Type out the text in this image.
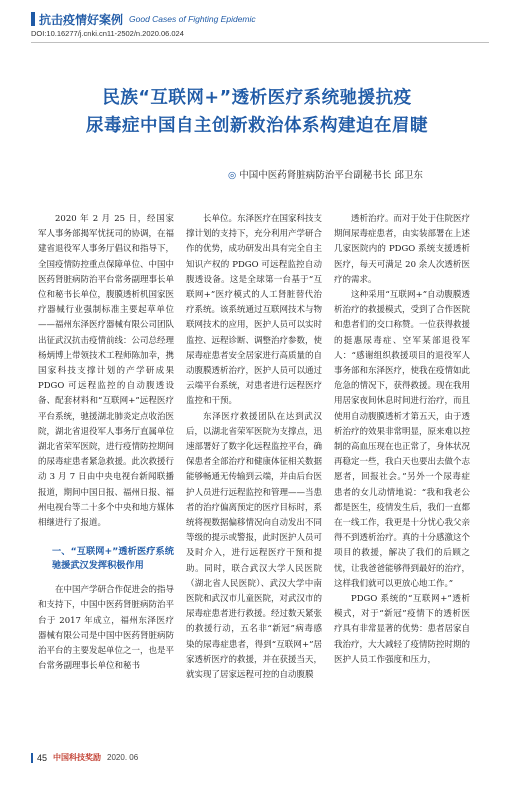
抗击疫情好案例 Good Cases of Fighting Epidemic
DOI:10.16277/j.cnki.cn11-2502/n.2020.06.024
民族“互联网+”透析医疗系统驰援抗疫
尿毒症中国自主创新救治体系构建迫在眉睫
◎ 中国中医药肾脏病防治平台副秘书长 邱卫东

2020 年 2 月 25 日，经国家军人事务部揭军忧抚司的协调，在福建省退役军人事务厅倡议和指导下，全国疫情防控重点保障单位、中国中医药肾脏病防治平台常务副理事长单位和秘书长单位，腹膜透析机国家医疗器械行业强制标准主要起草单位——福州东泽医疗器械有限公司团队出征武汉抗击疫情前线：公司总经理杨炳博上带领技术工程师陈加幸，携国家科技支撑计划的产学研成果 PDGO 可远程监控的自动腹透设备、配套材料和“互联网+”远程医疗平台系统，驰援湖北肺炎定点收治医院，湖北省退役军人事务厅直属单位湖北省荣军医院，进行疫情防控期间的尿毒症患者紧急救援。此次救援行动 3 月 7 日由中央电视台新闻联播报道，期间中国日报、福州日报、福州电视台等二十多个中央和地方媒体相继进行了报道。

一、“互联网+”透析医疗系统驰援武汉发挥积极作用

在中国产学研合作促进会的指导和支持下，中国中医药肾脏病防治平台于 2017 年成立，福州东泽医疗器械有限公司是中国中医药肾脏病防治平台的主要发起单位之一，也是平台常务副理事长单位和秘书

长单位。东泽医疗在国家科技支撑计划的支持下，充分利用产学研合作的优势，成功研发出具有完全自主知识产权的 PDGO 可远程监控自动腹透设备。这是全球第一台基于“互联网+”医疗模式的人工肾脏替代治疗系统。该系统通过互联网技术与物联网技术的应用，医护人员可以实时监控、远程诊断、调整治疗参数，使尿毒症患者安全居家进行高质量的自动腹膜透析治疗，医护人员可以通过云端平台系统，对患者进行远程医疗监控和干预。

东泽医疗救援团队在达到武汉后，以湖北省荣军医院为支撑点，迅速部署好了数字化远程监控平台，确保患者全部治疗和健康体征相关数据能够畅通无传输到云端，并由后台医护人员进行远程监控和管理——当患者的治疗偏离预定的医疗目标时，系统将视数据偏移情况向自动发出不同等级的提示或警报，此时医护人员可及时介入，进行远程医疗干预和提助。同时，联合武汉大学人民医院（湖北省人民医院）、武汉大学中南医院和武汉市儿童医院，对武汉市的尿毒症患者进行救援。经过数天紧张的救援行动，五名非“新冠”病毒感染的尿毒症患者，得到“互联网+”居家透析医疗的救援，并在获援当天，就实现了居家远程可控的自动腹膜

透析治疗。而对于处于住院医疗期间尿毒症患者，由实装部署在上述几家医院内的 PDGO 系统支援透析医疗，每天可满足 20 余人次透析医疗的需求。

这种采用“互联网+”自动腹膜透析治疗的救援模式，受到了合作医院和患者们的交口称赞。一位获得救援的挺惠尿毒症、空军某部退役军人：“感谢组织救援项目的退役军人事务部和东泽医疗，使我在疫情如此危急的情况下，获得救援。现在我用用居家夜间休息时间进行治疗，而且使用自动腹膜透析才第五天，由于透析治疗的效果非常明显，原来难以控制的高血压现在也正常了，身体状况再稳定一些，我白天也要出去做个志愿者，回报社会。”另外一个尿毒症患者的女儿动情地说：“我和我老公都是医生，疫情发生后，我们一直都在一线工作，我更是十分忧心我父亲得不到透析治疗。真的十分感激这个项目的救援，解决了我们的后顾之忧，让我爸爸能够得到最好的治疗，这样我们就可以更放心地工作。”

PDGO 系统的“互联网+”透析模式，对于“新冠”疫情下的透析医疗具有非常显著的优势：患者居家自我治疗，大大减轻了疫情防控时期的医护人员工作强度和压力，

45 中国科技奖励 2020. 06
